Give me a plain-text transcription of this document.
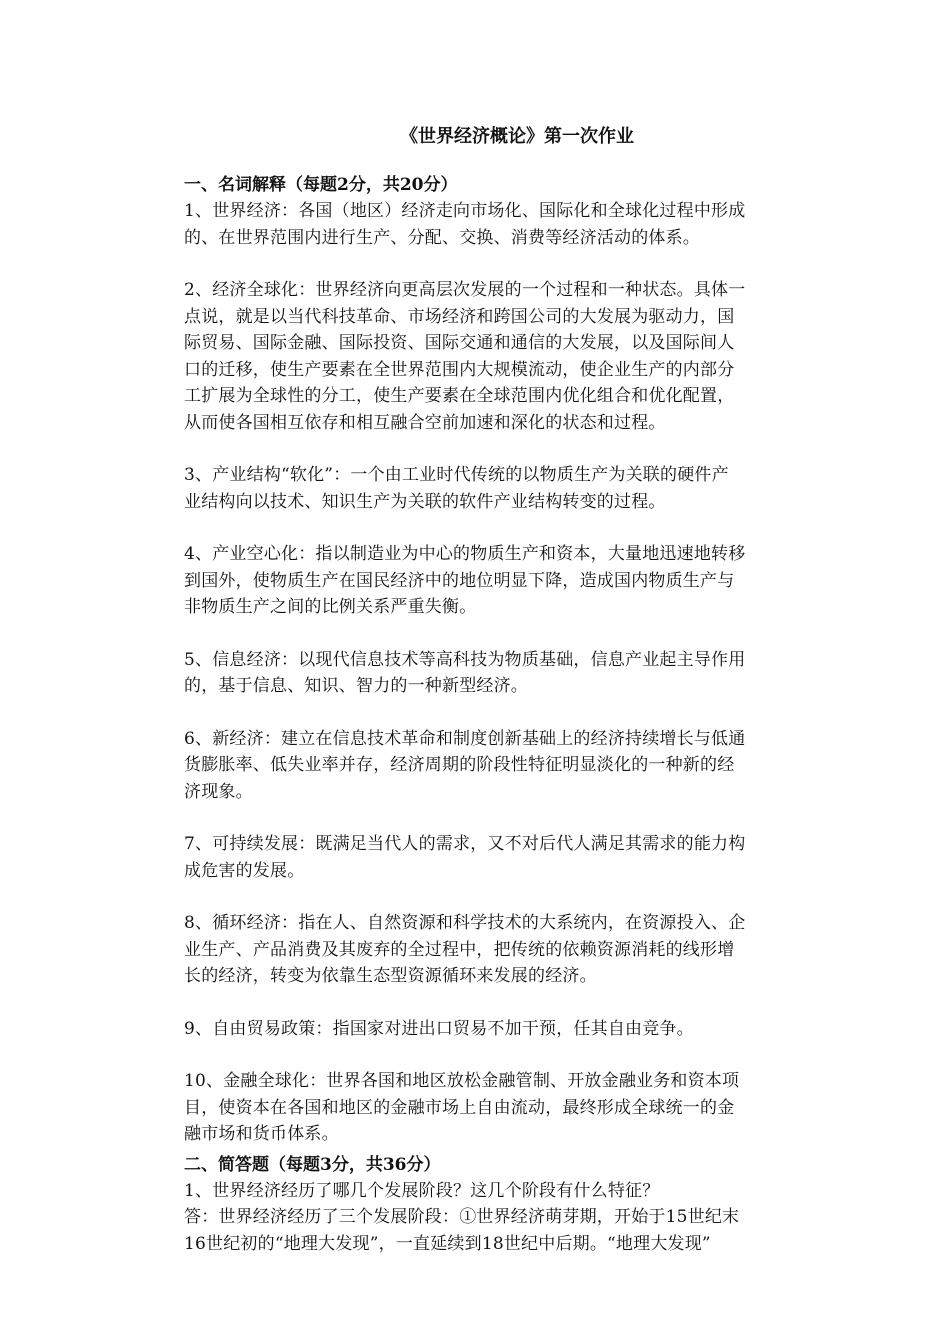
《世界经济概论》第一次作业
一、名词解释（每题2分，共20分）
1、世界经济：各国（地区）经济走向市场化、国际化和全球化过程中形成
的、在世界范围内进行生产、分配、交换、消费等经济活动的体系。
2、经济全球化：世界经济向更高层次发展的一个过程和一种状态。具体一
点说，就是以当代科技革命、市场经济和跨国公司的大发展为驱动力，国
际贸易、国际金融、国际投资、国际交通和通信的大发展，以及国际间人
口的迁移，使生产要素在全世界范围内大规模流动，使企业生产的内部分
工扩展为全球性的分工，使生产要素在全球范围内优化组合和优化配置，
从而使各国相互依存和相互融合空前加速和深化的状态和过程。
3、产业结构“软化”：一个由工业时代传统的以物质生产为关联的硬件产
业结构向以技术、知识生产为关联的软件产业结构转变的过程。
4、产业空心化：指以制造业为中心的物质生产和资本，大量地迅速地转移
到国外，使物质生产在国民经济中的地位明显下降，造成国内物质生产与
非物质生产之间的比例关系严重失衡。
5、信息经济：以现代信息技术等高科技为物质基础，信息产业起主导作用
的，基于信息、知识、智力的一种新型经济。
6、新经济：建立在信息技术革命和制度创新基础上的经济持续增长与低通
货膨胀率、低失业率并存，经济周期的阶段性特征明显淡化的一种新的经
济现象。
7、可持续发展：既满足当代人的需求，又不对后代人满足其需求的能力构
成危害的发展。
8、循环经济：指在人、自然资源和科学技术的大系统内，在资源投入、企
业生产、产品消费及其废弃的全过程中，把传统的依赖资源消耗的线形增
长的经济，转变为依靠生态型资源循环来发展的经济。
9、自由贸易政策：指国家对进出口贸易不加干预，任其自由竞争。
10、金融全球化：世界各国和地区放松金融管制、开放金融业务和资本项
目，使资本在各国和地区的金融市场上自由流动，最终形成全球统一的金
融市场和货币体系。
二、简答题（每题3分，共36分）
1、世界经济经历了哪几个发展阶段？这几个阶段有什么特征？
答：世界经济经历了三个发展阶段：①世界经济萌芽期，开始于15世纪末
16世纪初的“地理大发现”，一直延续到18世纪中后期。“地理大发现”
